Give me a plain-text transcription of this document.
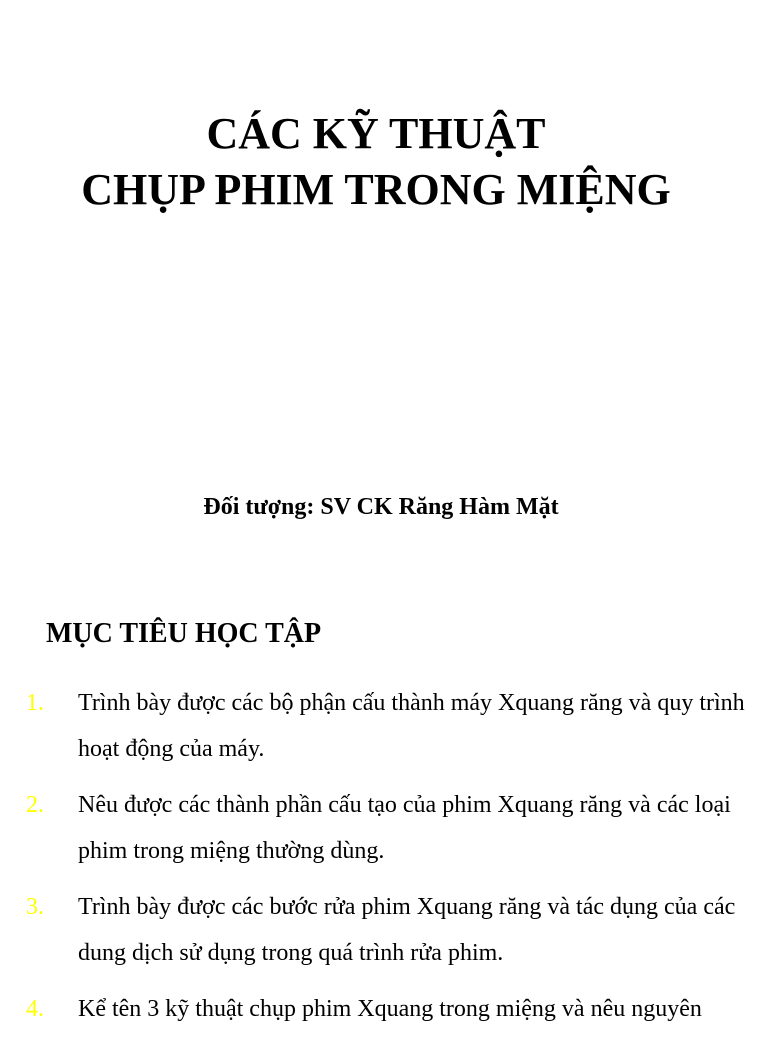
CÁC KỸ THUẬT
CHỤP PHIM TRONG MIỆNG

Đối tượng: SV CK Răng Hàm Mặt

MỤC TIÊU HỌC TẬP
1. Trình bày được các bộ phận cấu thành máy Xquang răng và quy trình hoạt động của máy.
2. Nêu được các thành phần cấu tạo của phim Xquang răng và các loại phim trong miệng thường dùng.
3. Trình bày được các bước rửa phim Xquang răng và tác dụng của các dung dịch sử dụng trong quá trình rửa phim.
4. Kể tên 3 kỹ thuật chụp phim Xquang trong miệng và nêu nguyên
